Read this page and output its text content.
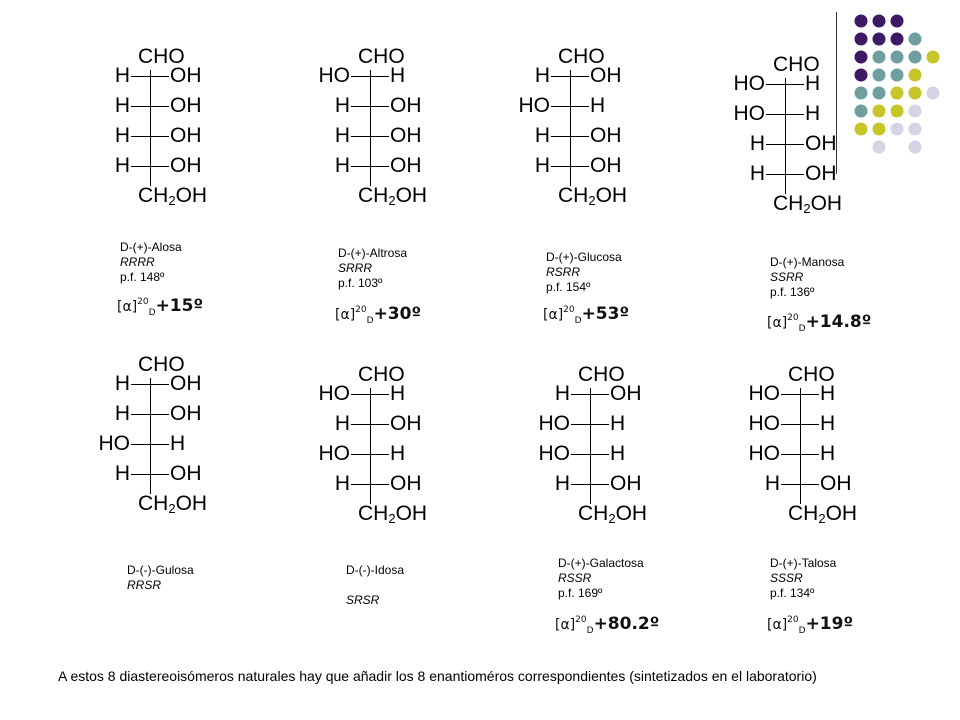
CHO
H OH
H OH
H OH
H OH
$CH_2OH$
D-(+)-Alosa
RRRR
p.f. 148º
$[\alpha]^{20}_D+15º$
CHO
HO H
H OH
H OH
H OH
$CH_2OH$
D-(+)-Altrosa
SRRR
p.f. 103º
$[\alpha]^{20}_D+30º$
CHO
H OH
HO H
H OH
H OH
$CH_2OH$
D-(+)-Glucosa
RSRR
p.f. 154º
$[\alpha]^{20}_D+53º$
CHO
HO H
HO H
H OH
H OH
$CH_2OH$
D-(+)-Manosa
SSRR
p.f. 136º
$[\alpha]^{20}_D+14.8º$
CHO
H OH
H OH
HO H
H OH
$CH_2OH$
D-(-)-Gulosa
RRSR
CHO
HO H
H OH
HO H
H OH
$CH_2OH$
D-(-)-Idosa
SRSR
CHO
H OH
HO H
HO H
H OH
$CH_2OH$
D-(+)-Galactosa
RSSR
p.f. 169º
$[\alpha]^{20}_D+80.2º$
CHO
HO H
HO H
HO H
H OH
$CH_2OH$
D-(+)-Talosa
SSSR
p.f. 134º
$[\alpha]^{20}_D+19º$
A estos 8 diastereoisómeros naturales hay que añadir los 8 enantioméros correspondientes (sintetizados en el laboratorio)
